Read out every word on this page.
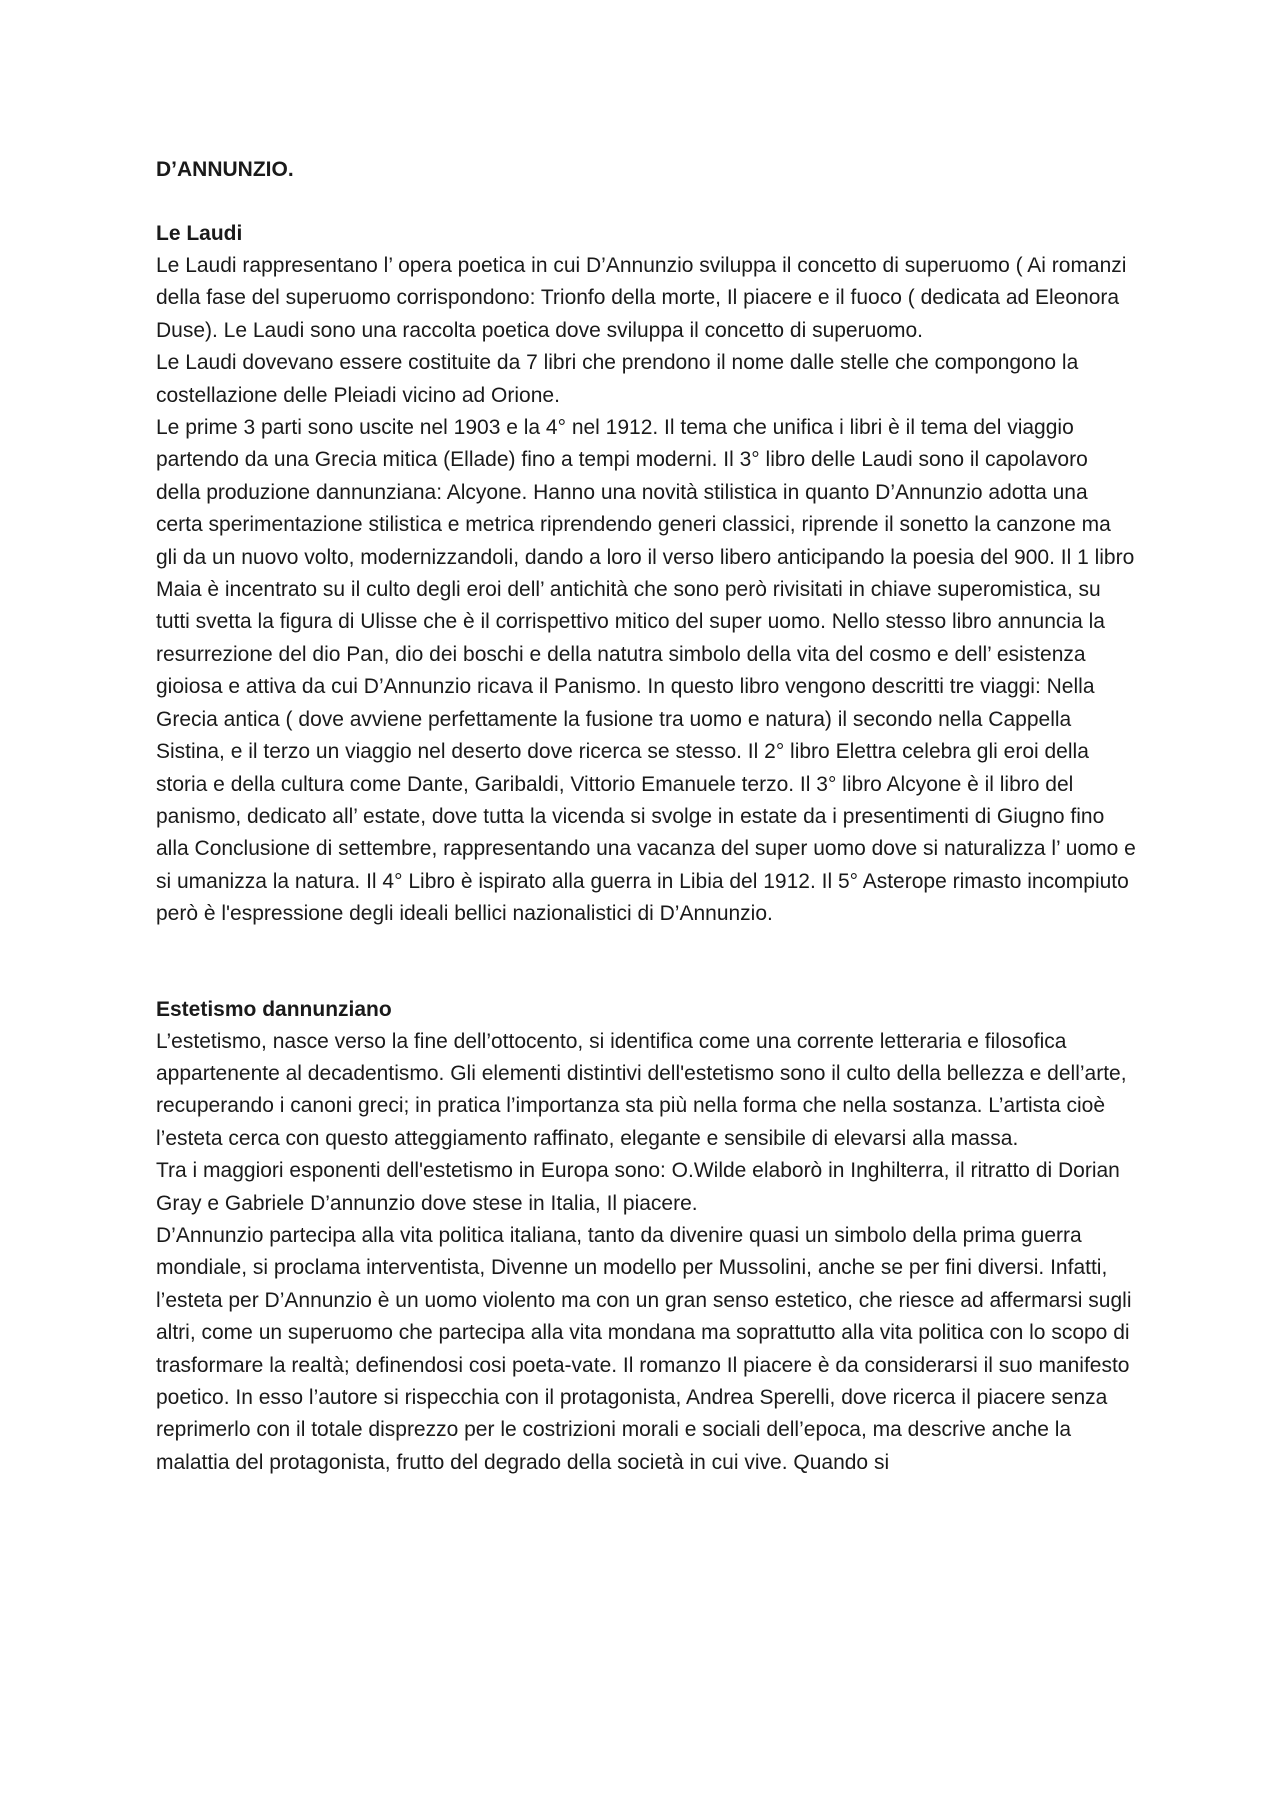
D’ANNUNZIO.

Le Laudi

Le Laudi rappresentano l’ opera poetica in cui D’Annunzio sviluppa il concetto di superuomo ( Ai romanzi della fase del superuomo corrispondono: Trionfo della morte, Il piacere e il fuoco ( dedicata ad Eleonora Duse). Le Laudi sono una raccolta poetica dove sviluppa il concetto di superuomo.

Le Laudi dovevano essere costituite da 7 libri che prendono il nome dalle stelle che compongono la costellazione delle Pleiadi vicino ad Orione.

Le prime 3 parti sono uscite nel 1903 e la 4° nel 1912. Il tema che unifica i libri è il tema del viaggio partendo da una Grecia mitica (Ellade) fino a tempi moderni. Il 3° libro delle Laudi sono il capolavoro della produzione dannunziana: Alcyone. Hanno una novità stilistica in quanto D’Annunzio adotta una certa sperimentazione stilistica e metrica riprendendo generi classici, riprende il sonetto la canzone ma gli da un nuovo volto, modernizzandoli, dando a loro il verso libero anticipando la poesia del 900. Il 1 libro Maia è incentrato su il culto degli eroi dell’ antichità che sono però rivisitati in chiave superomistica, su tutti svetta la figura di Ulisse che è il corrispettivo mitico del super uomo. Nello stesso libro annuncia la resurrezione del dio Pan, dio dei boschi e della natutra simbolo della vita del cosmo e dell’ esistenza gioiosa e attiva da cui D’Annunzio ricava il Panismo. In questo libro vengono descritti tre viaggi: Nella Grecia antica ( dove avviene perfettamente la fusione tra uomo e natura) il secondo nella Cappella Sistina, e il terzo un viaggio nel deserto dove ricerca se stesso. Il 2° libro Elettra celebra gli eroi della storia e della cultura come Dante, Garibaldi, Vittorio Emanuele terzo. Il 3° libro Alcyone è il libro del panismo, dedicato all’ estate, dove tutta la vicenda si svolge in estate da i presentimenti di Giugno fino alla Conclusione di settembre, rappresentando una vacanza del super uomo dove si naturalizza l’ uomo e si umanizza la natura. Il 4° Libro è ispirato alla guerra in Libia del 1912. Il 5° Asterope rimasto incompiuto però è l'espressione degli ideali bellici nazionalistici di D’Annunzio.

Estetismo dannunziano

L’estetismo, nasce verso la fine dell’ottocento, si identifica come una corrente letteraria e filosofica appartenente al decadentismo. Gli elementi distintivi dell'estetismo sono il culto della bellezza e dell’arte, recuperando i canoni greci; in pratica l’importanza sta più nella forma che nella sostanza. L’artista cioè l’esteta cerca con questo atteggiamento raffinato, elegante e sensibile di elevarsi alla massa.

Tra i maggiori esponenti dell'estetismo in Europa sono: O.Wilde elaborò in Inghilterra, il ritratto di Dorian Gray e Gabriele D’annunzio dove stese in Italia, Il piacere.

D’Annunzio partecipa alla vita politica italiana, tanto da divenire quasi un simbolo della prima guerra mondiale, si proclama interventista, Divenne un modello per Mussolini, anche se per fini diversi. Infatti, l’esteta per D’Annunzio è un uomo violento ma con un gran senso estetico, che riesce ad affermarsi sugli altri, come un superuomo che partecipa alla vita mondana ma soprattutto alla vita politica con lo scopo di trasformare la realtà; definendosi cosi poeta-vate. Il romanzo Il piacere è da considerarsi il suo manifesto poetico. In esso l’autore si rispecchia con il protagonista, Andrea Sperelli, dove ricerca il piacere senza reprimerlo con il totale disprezzo per le costrizioni morali e sociali dell’epoca, ma descrive anche la malattia del protagonista, frutto del degrado della società in cui vive. Quando si
